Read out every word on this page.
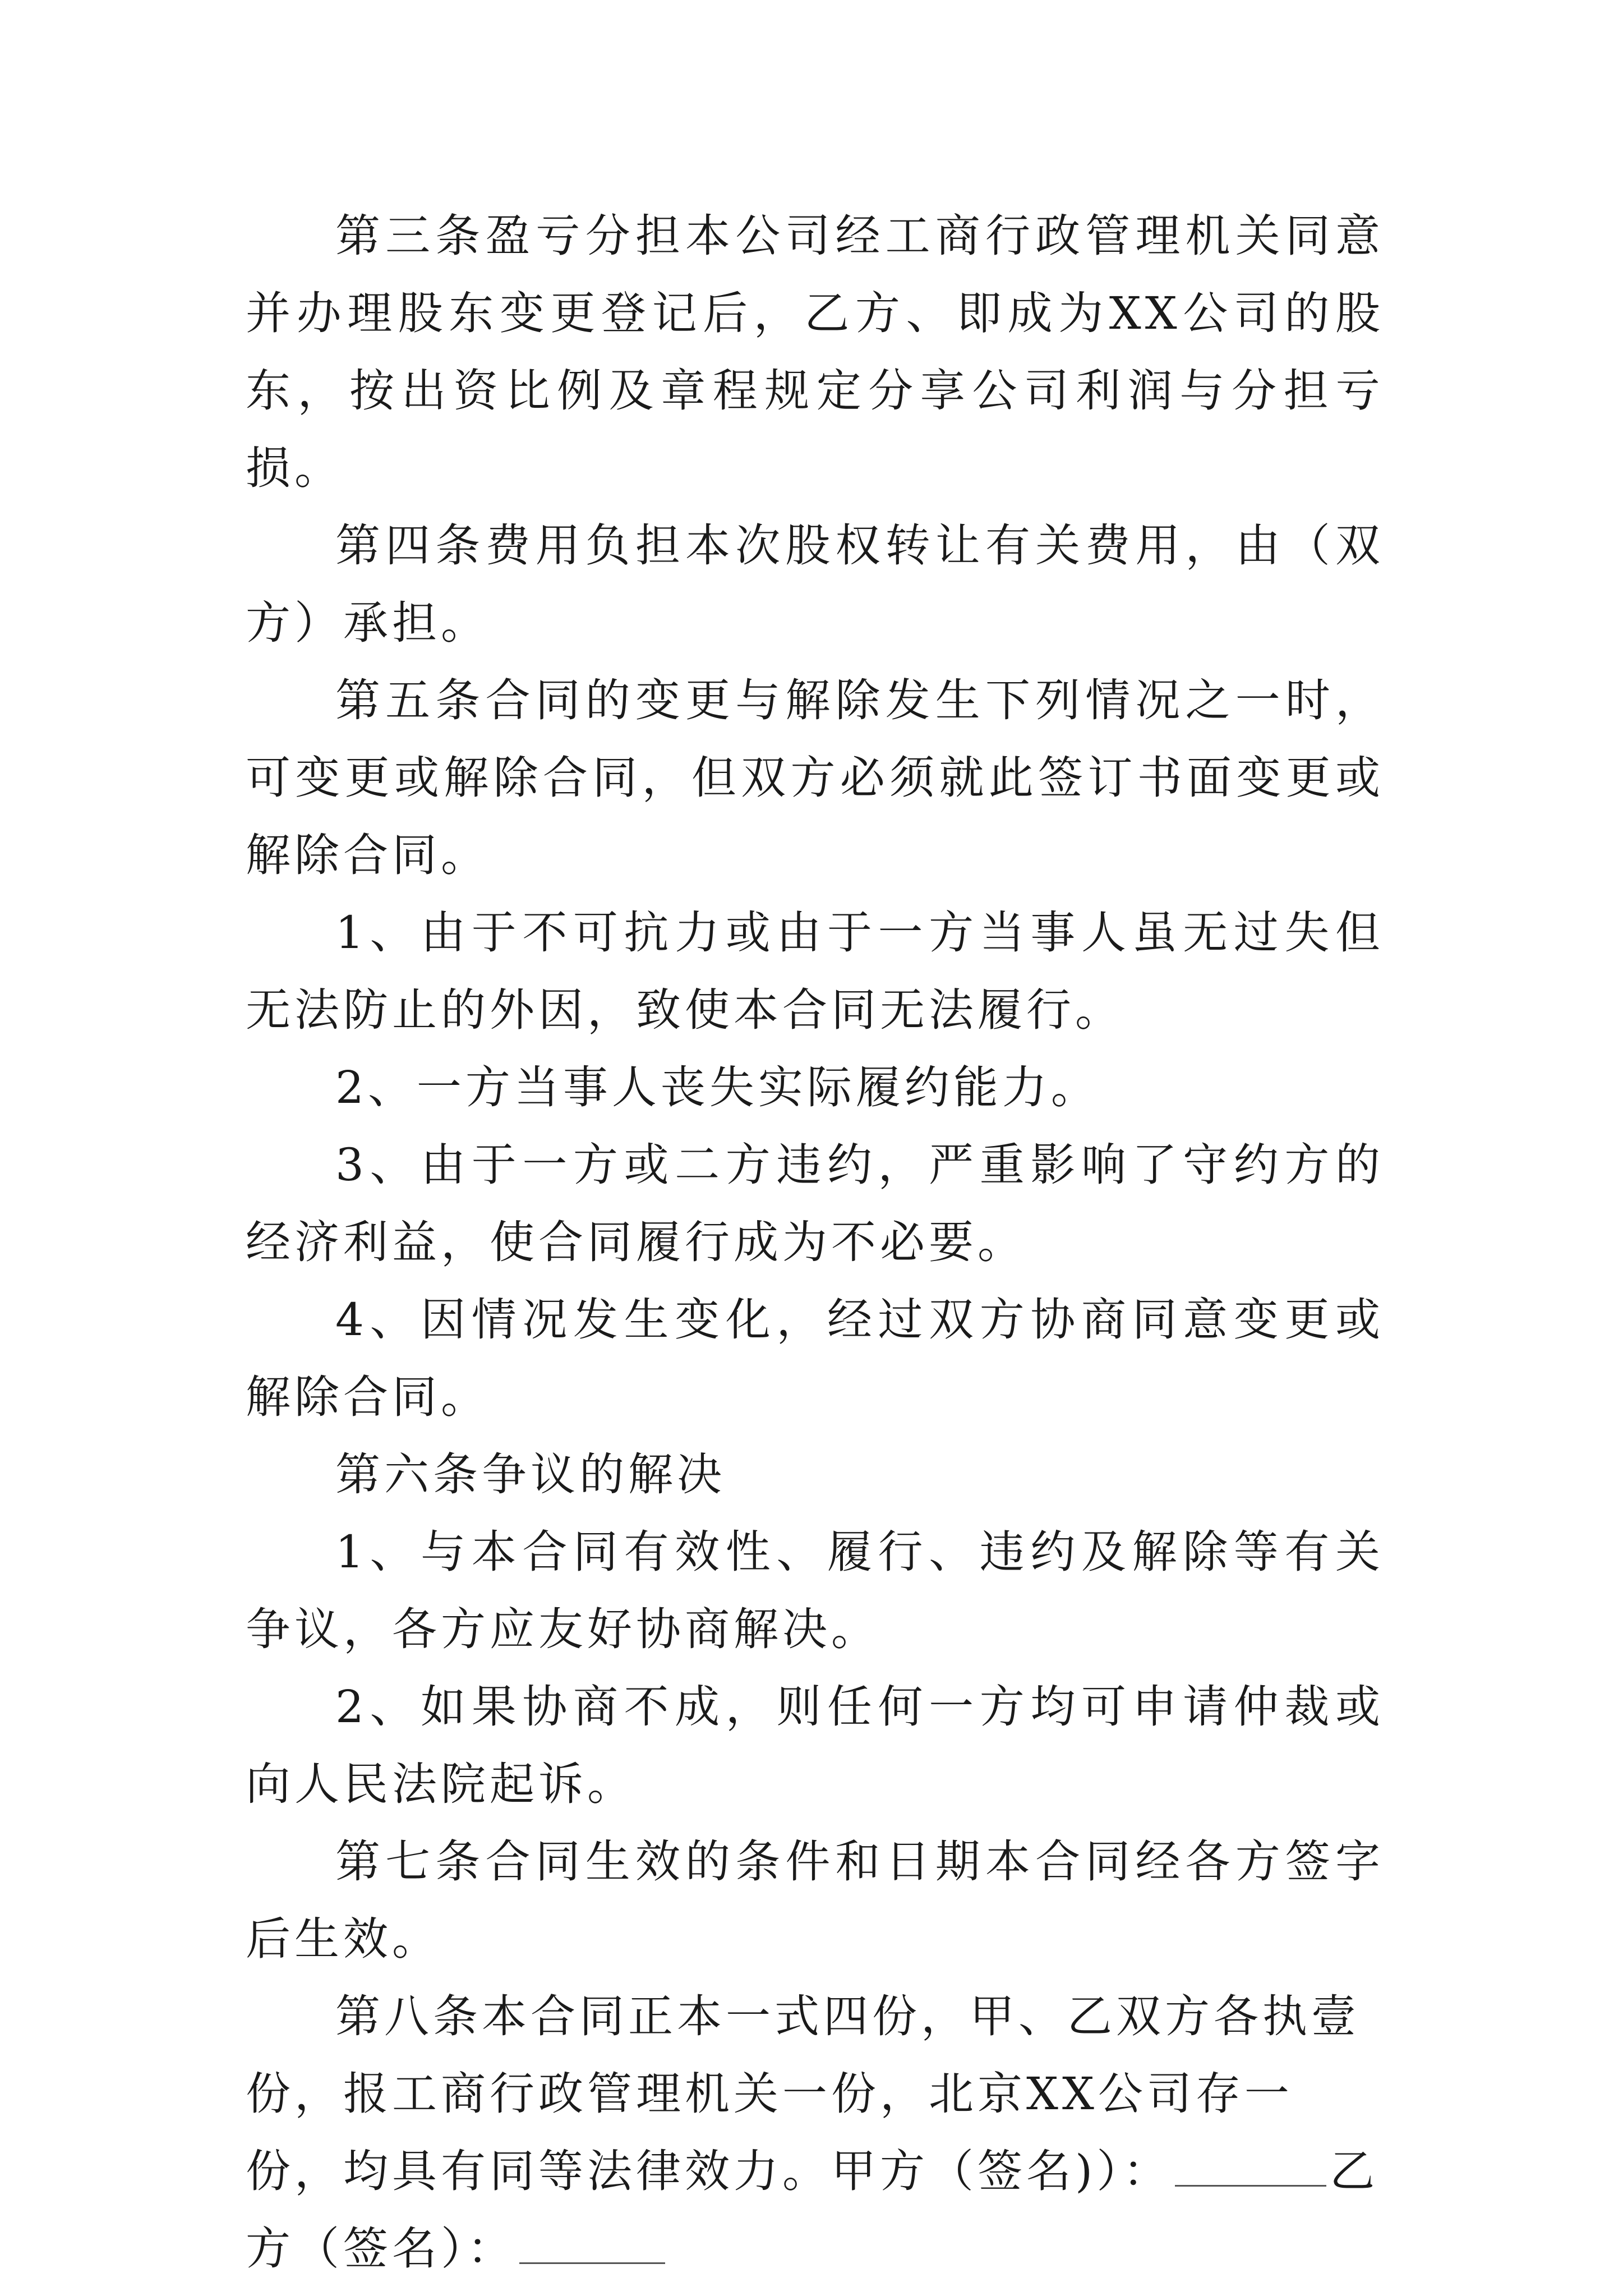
第三条盈亏分担本公司经工商行政管理机关同意并办理股东变更登记后，乙方、即成为XX公司的股东，按出资比例及章程规定分享公司利润与分担亏损。

第四条费用负担本次股权转让有关费用，由（双方）承担。

第五条合同的变更与解除发生下列情况之一时，可变更或解除合同，但双方必须就此签订书面变更或解除合同。

1、由于不可抗力或由于一方当事人虽无过失但无法防止的外因，致使本合同无法履行。

2、一方当事人丧失实际履约能力。

3、由于一方或二方违约，严重影响了守约方的经济利益，使合同履行成为不必要。

4、因情况发生变化，经过双方协商同意变更或解除合同。

第六条争议的解决

1、与本合同有效性、履行、违约及解除等有关争议，各方应友好协商解决。

2、如果协商不成，则任何一方均可申请仲裁或向人民法院起诉。

第七条合同生效的条件和日期本合同经各方签字后生效。

第八条本合同正本一式四份，甲、乙双方各执壹份，报工商行政管理机关一份，北京XX公司存一份，均具有同等法律效力。甲方（签名)）：	乙方（签名）：
